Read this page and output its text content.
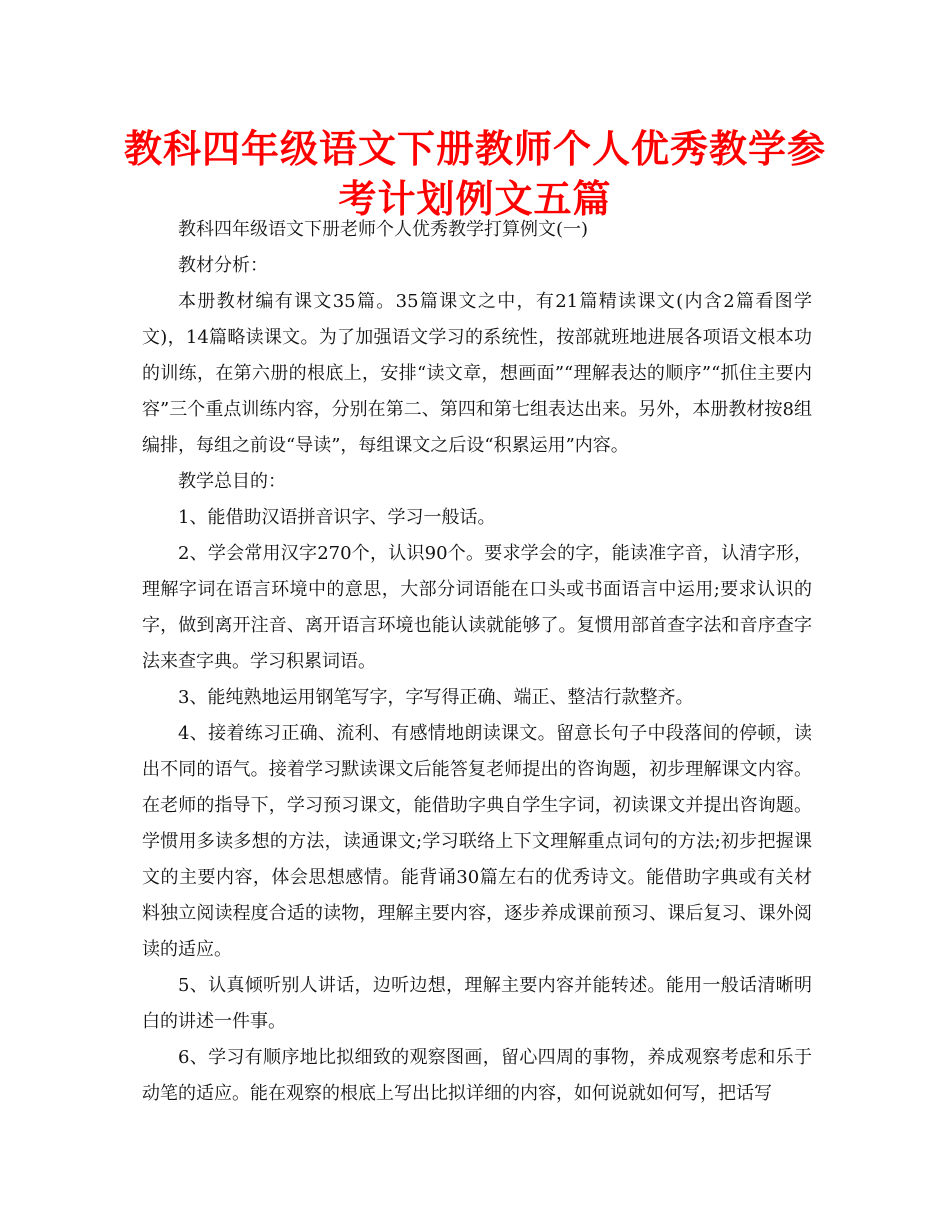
教科四年级语文下册教师个人优秀教学参考计划例文五篇

教科四年级语文下册老师个人优秀教学打算例文(一)

教材分析：

本册教材编有课文35篇。35篇课文之中，有21篇精读课文(内含2篇看图学文)，14篇略读课文。为了加强语文学习的系统性，按部就班地进展各项语文根本功的训练，在第六册的根底上，安排“读文章，想画面”“理解表达的顺序”“抓住主要内容”三个重点训练内容，分别在第二、第四和第七组表达出来。另外，本册教材按8组编排，每组之前设“导读”，每组课文之后设“积累运用”内容。

教学总目的：

1、能借助汉语拼音识字、学习一般话。

2、学会常用汉字270个，认识90个。要求学会的字，能读准字音，认清字形，理解字词在语言环境中的意思，大部分词语能在口头或书面语言中运用;要求认识的字，做到离开注音、离开语言环境也能认读就能够了。复惯用部首查字法和音序查字法来查字典。学习积累词语。

3、能纯熟地运用钢笔写字，字写得正确、端正、整洁行款整齐。

4、接着练习正确、流利、有感情地朗读课文。留意长句子中段落间的停顿，读出不同的语气。接着学习默读课文后能答复老师提出的咨询题，初步理解课文内容。在老师的指导下，学习预习课文，能借助字典自学生字词，初读课文并提出咨询题。学惯用多读多想的方法，读通课文;学习联络上下文理解重点词句的方法;初步把握课文的主要内容，体会思想感情。能背诵30篇左右的优秀诗文。能借助字典或有关材料独立阅读程度合适的读物，理解主要内容，逐步养成课前预习、课后复习、课外阅读的适应。

5、认真倾听别人讲话，边听边想，理解主要内容并能转述。能用一般话清晰明白的讲述一件事。

6、学习有顺序地比拟细致的观察图画，留心四周的事物，养成观察考虑和乐于动笔的适应。能在观察的根底上写出比拟详细的内容，如何说就如何写，把话写
